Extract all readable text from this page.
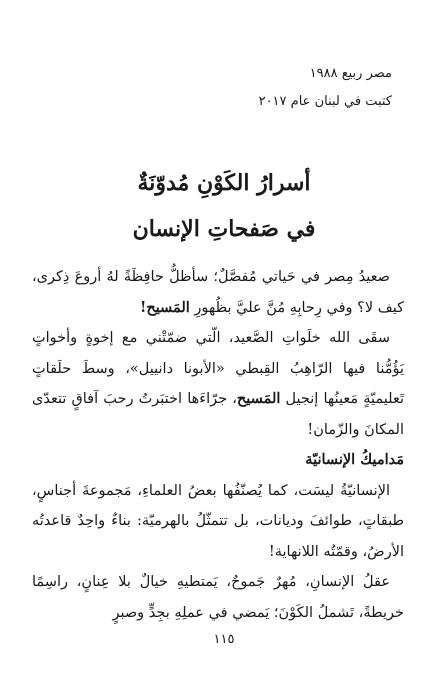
مصر ربيع ١٩٨٨
كتبت في لبنان عام ٢٠١٧
أسرارُ الكَوْنِ مُدوّنَةٌ
في صَفحاتِ الإنسان

صعيدُ مِصر في حَياتي مُفصَّلٌ؛ سأظلُّ حافِظَةً لهُ أروعَ ذِكرى، كيف لا؟ وفي رِحابِهِ مُنَّ عليَّ بظُهورِ المَسيح!

سقَى الله خلَواتِ الصَّعيد، الّتي ضمّتْني مع إخوةٍ وأخواتٍ يَؤُمُّنا فيها الرّاهِبُ القِبطي «الأبونا دانييل»، وسطَ حلَقاتٍ تَعليميّةٍ مَعينُها إنجيل المَسيح، جرّاءَها اختبَرتُ رحبَ آفاقٍ تتعدّى المكانَ والزّمان!

مَداميكُ الإنسانيّة

الإنسانيّةُ ليسَت، كما يُصنّفُها بعضُ العلماءِ، مَجموعةَ أجناسٍ، طبقاتٍ، طوائفَ وديانات، بل تتمثّلُ بالهرميّة: بناءٌ واحِدٌ قاعدتُه الأرضُ، وقمّتُه اللانهاية!

عقلُ الإنسانِ، مُهرٌ جَموحٌ، يَمتطيهِ خيالٌ بلا عِنانٍ، راسِمًا خريطةً، تَشملُ الكَوْنَ؛ يَمضي في عملِهِ بجِدٍّ وصبرٍ

١١٥
